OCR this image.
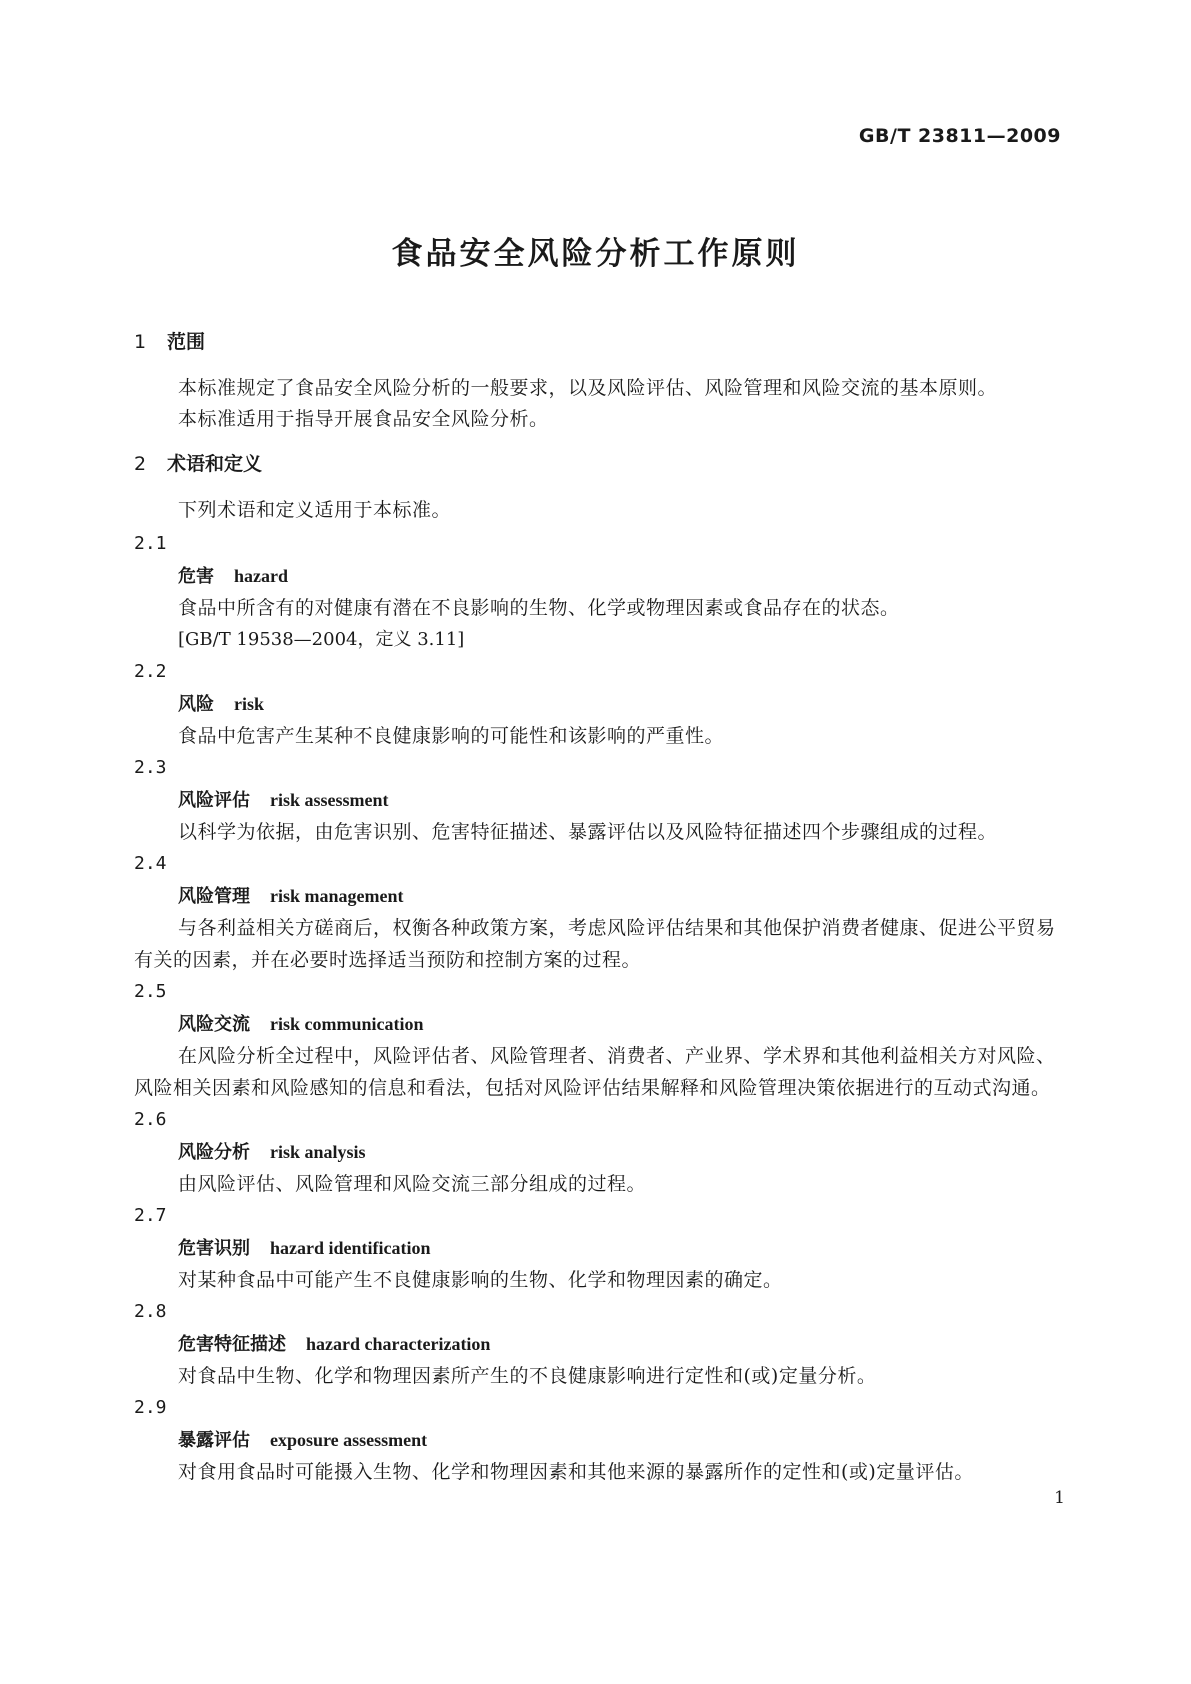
GB/T 23811—2009
食品安全风险分析工作原则
1 范围

本标准规定了食品安全风险分析的一般要求，以及风险评估、风险管理和风险交流的基本原则。

本标准适用于指导开展食品安全风险分析。

2 术语和定义

下列术语和定义适用于本标准。

2.1
危害 hazard

食品中所含有的对健康有潜在不良影响的生物、化学或物理因素或食品存在的状态。

[GB/T 19538—2004，定义 3.11]
2.2
风险 risk

食品中危害产生某种不良健康影响的可能性和该影响的严重性。

2.3
风险评估 risk assessment

以科学为依据，由危害识别、危害特征描述、暴露评估以及风险特征描述四个步骤组成的过程。

2.4
风险管理 risk management

与各利益相关方磋商后，权衡各种政策方案，考虑风险评估结果和其他保护消费者健康、促进公平贸易有关的因素，并在必要时选择适当预防和控制方案的过程。

2.5
风险交流 risk communication

在风险分析全过程中，风险评估者、风险管理者、消费者、产业界、学术界和其他利益相关方对风险、风险相关因素和风险感知的信息和看法，包括对风险评估结果解释和风险管理决策依据进行的互动式沟通。

2.6
风险分析 risk analysis

由风险评估、风险管理和风险交流三部分组成的过程。

2.7
危害识别 hazard identification

对某种食品中可能产生不良健康影响的生物、化学和物理因素的确定。

2.8
危害特征描述 hazard characterization

对食品中生物、化学和物理因素所产生的不良健康影响进行定性和(或)定量分析。

2.9
暴露评估 exposure assessment

对食用食品时可能摄入生物、化学和物理因素和其他来源的暴露所作的定性和(或)定量评估。

1
